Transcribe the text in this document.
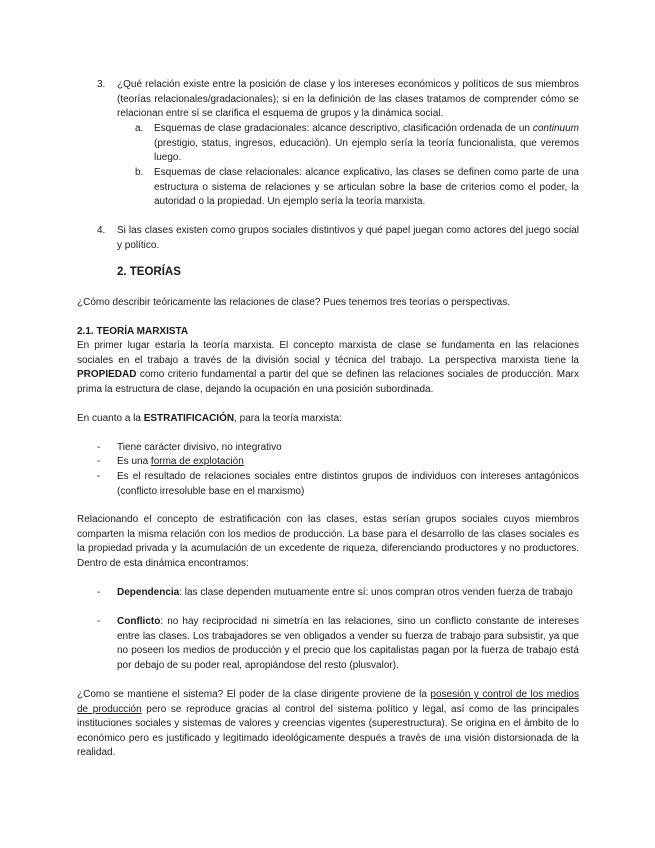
3. ¿Qué relación existe entre la posición de clase y los intereses económicos y políticos de sus miembros (teorías relacionales/gradacionales); si en la definición de las clases tratamos de comprender cómo se relacionan entre sí se clarifica el esquema de grupos y la dinámica social.
a. Esquemas de clase gradacionales: alcance descriptivo, clasificación ordenada de un continuum (prestigio, status, ingresos, educación). Un ejemplo sería la teoría funcionalista, que veremos luego.
b. Esquemas de clase relacionales: alcance explicativo, las clases se definen como parte de una estructura o sistema de relaciones y se articulan sobre la base de criterios como el poder, la autoridad o la propiedad. Un ejemplo sería la teoría marxista.
4. Si las clases existen como grupos sociales distintivos y qué papel juegan como actores del juego social y político.
2. TEORÍAS
¿Cómo describir teóricamente las relaciones de clase? Pues tenemos tres teorías o perspectivas.
2.1. TEORÍA MARXISTA
En primer lugar estaría la teoría marxista. El concepto marxista de clase se fundamenta en las relaciones sociales en el trabajo a través de la división social y técnica del trabajo. La perspectiva marxista tiene la PROPIEDAD como criterio fundamental a partir del que se definen las relaciones sociales de producción. Marx prima la estructura de clase, dejando la ocupación en una posición subordinada.
En cuanto a la ESTRATIFICACIÓN, para la teoría marxista:
- Tiene carácter divisivo, no integrativo
- Es una forma de explotación
- Es el resultado de relaciones sociales entre distintos grupos de individuos con intereses antagónicos (conflicto irresoluble base en el marxismo)
Relacionando el concepto de estratificación con las clases, estas serían grupos sociales cuyos miembros comparten la misma relación con los medios de producción. La base para el desarrollo de las clases sociales es la propiedad privada y la acumulación de un excedente de riqueza, diferenciando productores y no productores. Dentro de esta dinámica encontramos:
- Dependencia: las clase dependen mutuamente entre sí: unos compran otros venden fuerza de trabajo
- Conflicto: no hay reciprocidad ni simetría en las relaciones, sino un conflicto constante de intereses entre las clases. Los trabajadores se ven obligados a vender su fuerza de trabajo para subsistir, ya que no poseen los medios de producción y el precio que los capitalistas pagan por la fuerza de trabajo está por debajo de su poder real, apropiándose del resto (plusvalor).
¿Como se mantiene el sistema? El poder de la clase dirigente proviene de la posesión y control de los medios de producción pero se reproduce gracias al control del sistema político y legal, así como de las principales instituciones sociales y sistemas de valores y creencias vigentes (superestructura). Se origina en el ámbito de lo económico pero es justificado y legitimado ideológicamente después a través de una visión distorsionada de la realidad.
